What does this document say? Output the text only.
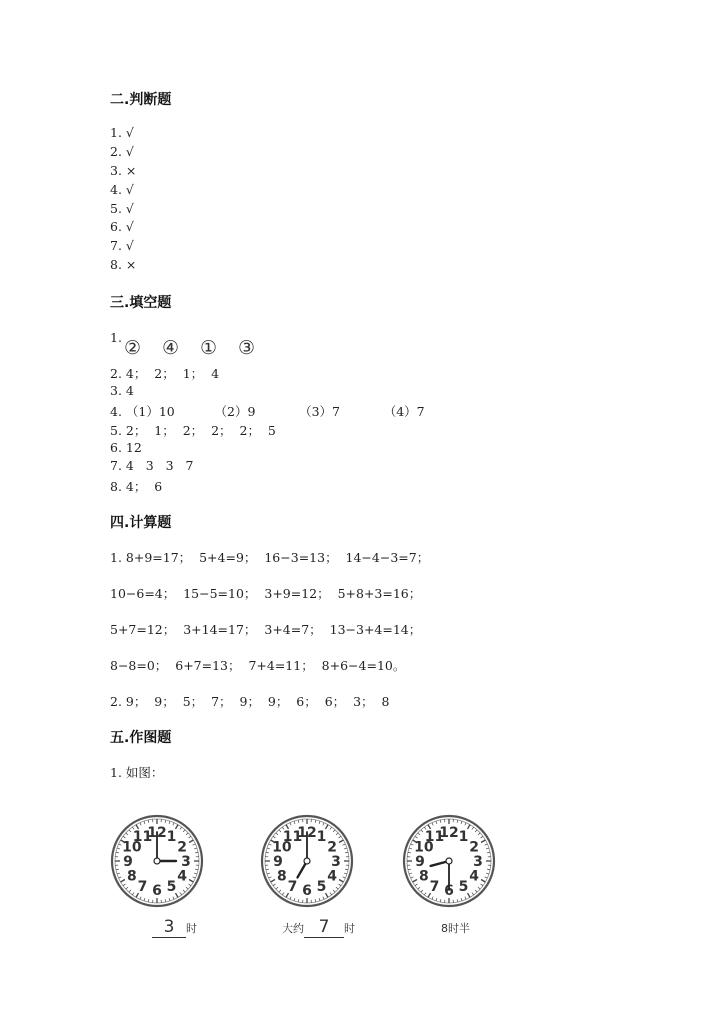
二.判断题
1. √
2. √
3. ×
4. √
5. √
6. √
7. √
8. ×
三.填空题
1. ② ④ ① ③
2. 4；  2；  1；  4
3. 4
4. （1）10          （2）9           （3）7           （4）7
5. 2；  1；  2；  2；  2；  5
6. 12
7. 4   3   3   7
8. 4；  6
四.计算题
1. 8+9=17；  5+4=9；  16−3=13；  14−4−3=7；
10−6=4；  15−5=10；  3+9=12；  5+8+3=16；
5+7=12；  3+14=17；  3+4=7；  13−3+4=14；
8−8=0；  6+7=13；  7+4=11；  8+6−4=10。
2. 9；  9；  5；  7；  9；  9；  6；  6；  3；  8
五.作图题
1. 如图：
12 1
2
3
4
5
6
7
8
9
10
11	12 1
2
3
4
5
6
7
8
9
10
11	12 1
2
3
4
5
6
7
8
9
10
11

3 时
	大约 7 时
	8时半
